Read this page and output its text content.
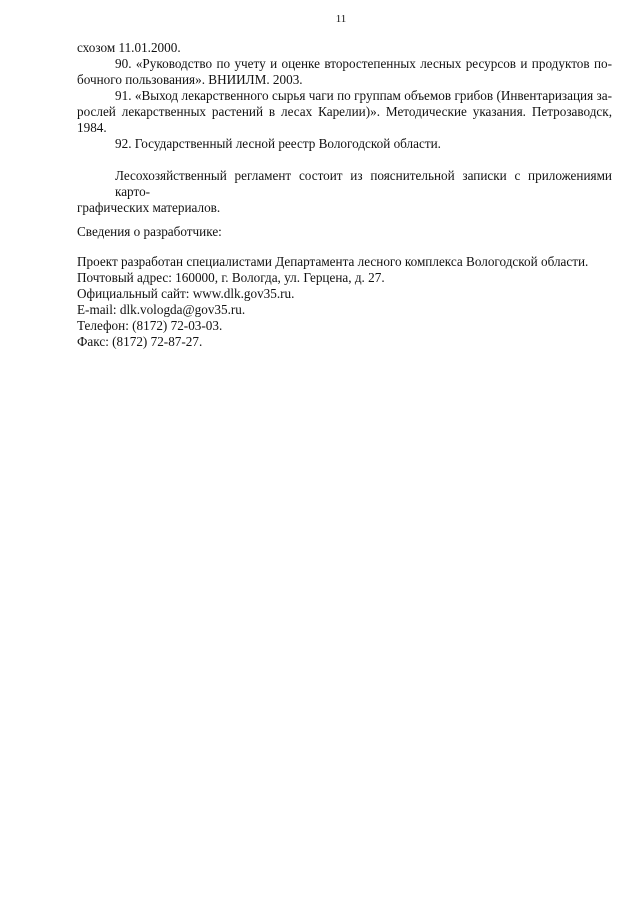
11
схозом 11.01.2000.
90. «Руководство по учету и оценке второстепенных лесных ресурсов и продуктов по-
бочного пользования». ВНИИЛМ. 2003.
91. «Выход лекарственного сырья чаги по группам объемов грибов (Инвентаризация за-
рослей лекарственных растений в лесах Карелии)». Методические указания. Петрозаводск,
1984.
92. Государственный лесной реестр Вологодской области.
Лесохозяйственный регламент состоит из пояснительной записки с приложениями карто-
графических материалов.
Сведения о разработчике:
Проект разработан специалистами Департамента лесного комплекса Вологодской области.
Почтовый адрес: 160000, г. Вологда, ул. Герцена, д. 27.
Официальный сайт: www.dlk.gov35.ru.
E-mail: dlk.vologda@gov35.ru.
Телефон: (8172) 72-03-03.
Факс: (8172) 72-87-27.
